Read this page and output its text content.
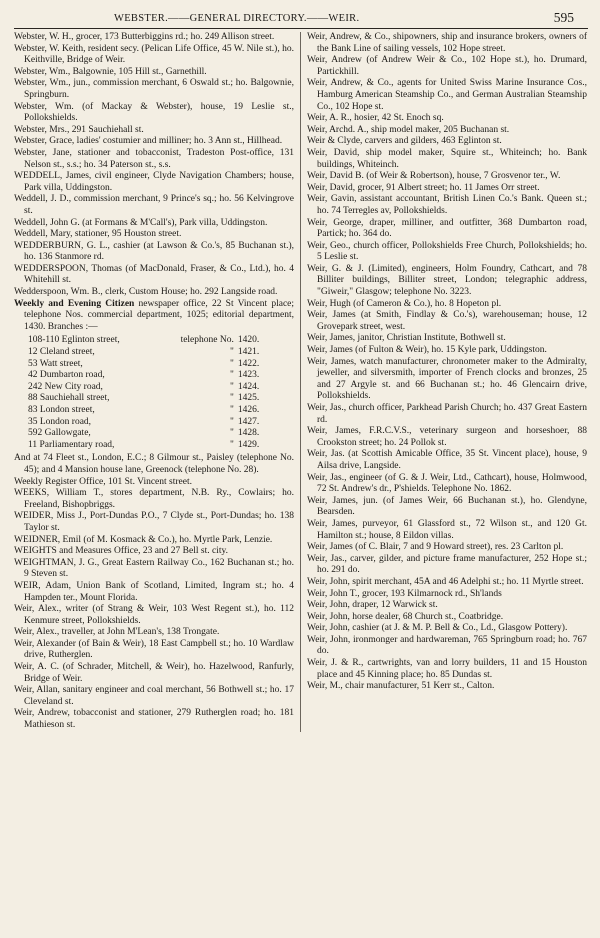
WEBSTER.——GENERAL DIRECTORY.——WEIR.	595

Webster, W. H., grocer, 173 Butterbiggins rd.; ho. 249 Allison street.

Webster, W. Keith, resident secy. (Pelican Life Office, 45 W. Nile st.), ho. Keithville, Bridge of Weir.

Webster, Wm., Balgownie, 105 Hill st., Garnethill.

Webster, Wm., jun., commission merchant, 6 Oswald st.; ho. Balgownie, Springburn.

Webster, Wm. (of Mackay & Webster), house, 19 Leslie st., Pollokshields.

Webster, Mrs., 291 Sauchiehall st.

Webster, Grace, ladies' costumier and milliner; ho. 3 Ann st., Hillhead.

Webster, Jane, stationer and tobacconist, Tradeston Post-office, 131 Nelson st., s.s.; ho. 34 Paterson st., s.s.

WEDDELL, James, civil engineer, Clyde Navigation Chambers; house, Park villa, Uddingston.

Weddell, J. D., commission merchant, 9 Prince's sq.; ho. 56 Kelvingrove st.

Weddell, John G. (at Formans & M'Call's), Park villa, Uddingston.

Weddell, Mary, stationer, 95 Houston street.

WEDDERBURN, G. L., cashier (at Lawson & Co.'s, 85 Buchanan st.), ho. 136 Stanmore rd.

WEDDERSPOON, Thomas (of MacDonald, Fraser, & Co., Ltd.), ho. 4 Whitehill st.

Wedderspoon, Wm. B., clerk, Custom House; ho. 292 Langside road.

Weekly and Evening Citizen newspaper office, 22 St Vincent place; telephone Nos. commercial department, 1025; editorial department, 1430. Branches :—

108-110 Eglinton street,	telephone No. 1420.
12 Cleland street,	" 1421.
53 Watt street,	" 1422.
42 Dumbarton road,	" 1423.
242 New City road,	" 1424.
88 Sauchiehall street,	" 1425.
83 London street,	" 1426.
35 London road,	" 1427.
592 Gallowgate,	" 1428.
11 Parliamentary road,	" 1429.

And at 74 Fleet st., London, E.C.; 8 Gilmour st., Paisley (telephone No. 45); and 4 Mansion house lane, Greenock (telephone No. 28).

Weekly Register Office, 101 St. Vincent street.

WEEKS, William T., stores department, N.B. Ry., Cowlairs; ho. Freeland, Bishopbriggs.

WEIDER, Miss J., Port-Dundas P.O., 7 Clyde st., Port-Dundas; ho. 138 Taylor st.

WEIDNER, Emil (of M. Kosmack & Co.), ho. Myrtle Park, Lenzie.

WEIGHTS and Measures Office, 23 and 27 Bell st. city.

WEIGHTMAN, J. G., Great Eastern Railway Co., 162 Buchanan st.; ho. 9 Steven st.

WEIR, Adam, Union Bank of Scotland, Limited, Ingram st.; ho. 4 Hampden ter., Mount Florida.

Weir, Alex., writer (of Strang & Weir, 103 West Regent st.), ho. 112 Kenmure street, Pollokshields.

Weir, Alex., traveller, at John M'Lean's, 138 Trongate.

Weir, Alexander (of Bain & Weir), 18 East Campbell st.; ho. 10 Wardlaw drive, Rutherglen.

Weir, A. C. (of Schrader, Mitchell, & Weir), ho. Hazelwood, Ranfurly, Bridge of Weir.

Weir, Allan, sanitary engineer and coal merchant, 56 Bothwell st.; ho. 17 Cleveland st.

Weir, Andrew, tobacconist and stationer, 279 Rutherglen road; ho. 181 Mathieson st.

Weir, Andrew, & Co., shipowners, ship and insurance brokers, owners of the Bank Line of sailing vessels, 102 Hope street.

Weir, Andrew (of Andrew Weir & Co., 102 Hope st.), ho. Drumard, Partickhill.

Weir, Andrew, & Co., agents for United Swiss Marine Insurance Cos., Hamburg American Steamship Co., and German Australian Steamship Co., 102 Hope st.

Weir, A. R., hosier, 42 St. Enoch sq.

Weir, Archd. A., ship model maker, 205 Buchanan st.

Weir & Clyde, carvers and gilders, 463 Eglinton st.

Weir, David, ship model maker, Squire st., Whiteinch; ho. Bank buildings, Whiteinch.

Weir, David B. (of Weir & Robertson), house, 7 Grosvenor ter., W.

Weir, David, grocer, 91 Albert street; ho. 11 James Orr street.

Weir, Gavin, assistant accountant, British Linen Co.'s Bank. Queen st.; ho. 74 Terregles av, Pollokshields.

Weir, George, draper, milliner, and outfitter, 368 Dumbarton road, Partick; ho. 364 do.

Weir, Geo., church officer, Pollokshields Free Church, Pollokshields; ho. 5 Leslie st.

Weir, G. & J. (Limited), engineers, Holm Foundry, Cathcart, and 78 Billiter buildings, Billiter street, London; telegraphic address, "Giweir," Glasgow; telephone No. 3223.

Weir, Hugh (of Cameron & Co.), ho. 8 Hopeton pl.

Weir, James (at Smith, Findlay & Co.'s), warehouseman; house, 12 Grovepark street, west.

Weir, James, janitor, Christian Institute, Bothwell st.

Weir, James (of Fulton & Weir), ho. 15 Kyle park, Uddingston.

Weir, James, watch manufacturer, chronometer maker to the Admiralty, jeweller, and silversmith, importer of French clocks and bronzes, 25 and 27 Argyle st. and 66 Buchanan st.; ho. 46 Glencairn drive, Pollokshields.

Weir, Jas., church officer, Parkhead Parish Church; ho. 437 Great Eastern rd.

Weir, James, F.R.C.V.S., veterinary surgeon and horseshoer, 88 Crookston street; ho. 24 Pollok st.

Weir, Jas. (at Scottish Amicable Office, 35 St. Vincent place), house, 9 Ailsa drive, Langside.

Weir, Jas., engineer (of G. & J. Weir, Ltd., Cathcart), house, Holmwood, 72 St. Andrew's dr., P'shields. Telephone No. 1862.

Weir, James, jun. (of James Weir, 66 Buchanan st.), ho. Glendyne, Bearsden.

Weir, James, purveyor, 61 Glassford st., 72 Wilson st., and 120 Gt. Hamilton st.; house, 8 Eildon villas.

Weir, James (of C. Blair, 7 and 9 Howard street), res. 23 Carlton pl.

Weir, Jas., carver, gilder, and picture frame manufacturer, 252 Hope st.; ho. 291 do.

Weir, John, spirit merchant, 45A and 46 Adelphi st.; ho. 11 Myrtle street.

Weir, John T., grocer, 193 Kilmarnock rd., Sh'lands

Weir, John, draper, 12 Warwick st.

Weir, John, horse dealer, 68 Church st., Coatbridge.

Weir, John, cashier (at J. & M. P. Bell & Co., Ld., Glasgow Pottery).

Weir, John, ironmonger and hardwareman, 765 Springburn road; ho. 767 do.

Weir, J. & R., cartwrights, van and lorry builders, 11 and 15 Houston place and 45 Kinning place; ho. 85 Dundas st.

Weir, M., chair manufacturer, 51 Kerr st., Calton.
